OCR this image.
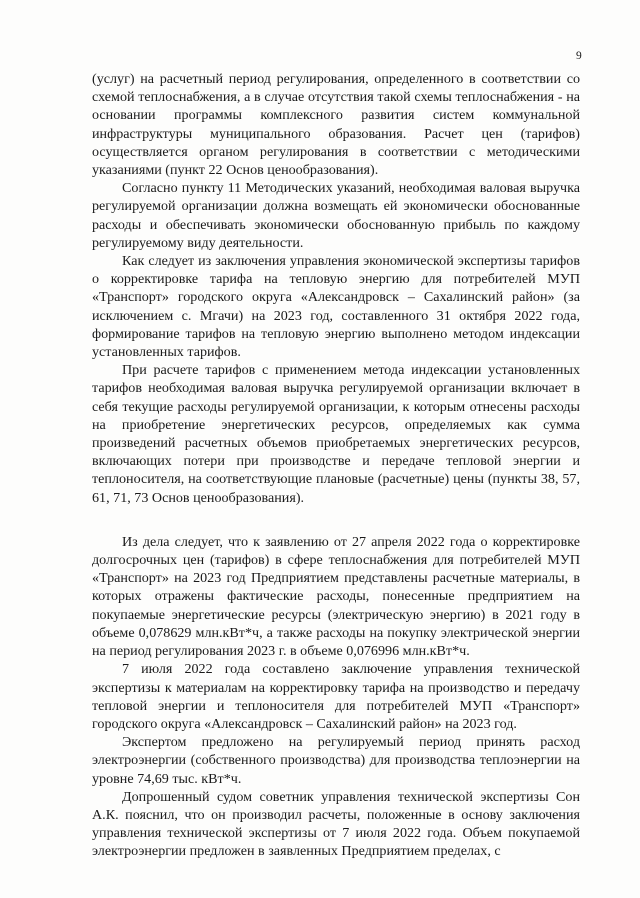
9

(услуг) на расчетный период регулирования, определенного в соответствии со схемой теплоснабжения, а в случае отсутствия такой схемы теплоснабжения - на основании программы комплексного развития систем коммунальной инфраструктуры муниципального образования. Расчет цен (тарифов) осуществляется органом регулирования в соответствии с методическими указаниями (пункт 22 Основ ценообразования).

Согласно пункту 11 Методических указаний, необходимая валовая выручка регулируемой организации должна возмещать ей экономически обоснованные расходы и обеспечивать экономически обоснованную прибыль по каждому регулируемому виду деятельности.

Как следует из заключения управления экономической экспертизы тарифов о корректировке тарифа на тепловую энергию для потребителей МУП «Транспорт» городского округа «Александровск – Сахалинский район» (за исключением с. Мгачи) на 2023 год, составленного 31 октября 2022 года, формирование тарифов на тепловую энергию выполнено методом индексации установленных тарифов.

При расчете тарифов с применением метода индексации установленных тарифов необходимая валовая выручка регулируемой организации включает в себя текущие расходы регулируемой организации, к которым отнесены расходы на приобретение энергетических ресурсов, определяемых как сумма произведений расчетных объемов приобретаемых энергетических ресурсов, включающих потери при производстве и передаче тепловой энергии и теплоносителя, на соответствующие плановые (расчетные) цены (пункты 38, 57, 61, 71, 73 Основ ценообразования).

Из дела следует, что к заявлению от 27 апреля 2022 года о корректировке долгосрочных цен (тарифов) в сфере теплоснабжения для потребителей МУП «Транспорт» на 2023 год Предприятием представлены расчетные материалы, в которых отражены фактические расходы, понесенные предприятием на покупаемые энергетические ресурсы (электрическую энергию) в 2021 году в объеме 0,078629 млн.кВт*ч, а также расходы на покупку электрической энергии на период регулирования 2023 г. в объеме 0,076996 млн.кВт*ч.

7 июля 2022 года составлено заключение управления технической экспертизы к материалам на корректировку тарифа на производство и передачу тепловой энергии и теплоносителя для потребителей МУП «Транспорт» городского округа «Александровск – Сахалинский район» на 2023 год.

Экспертом предложено на регулируемый период принять расход электроэнергии (собственного производства) для производства теплоэнергии на уровне 74,69 тыс. кВт*ч.

Допрошенный судом советник управления технической экспертизы Сон А.К. пояснил, что он производил расчеты, положенные в основу заключения управления технической экспертизы от 7 июля 2022 года. Объем покупаемой электроэнергии предложен в заявленных Предприятием пределах, с
